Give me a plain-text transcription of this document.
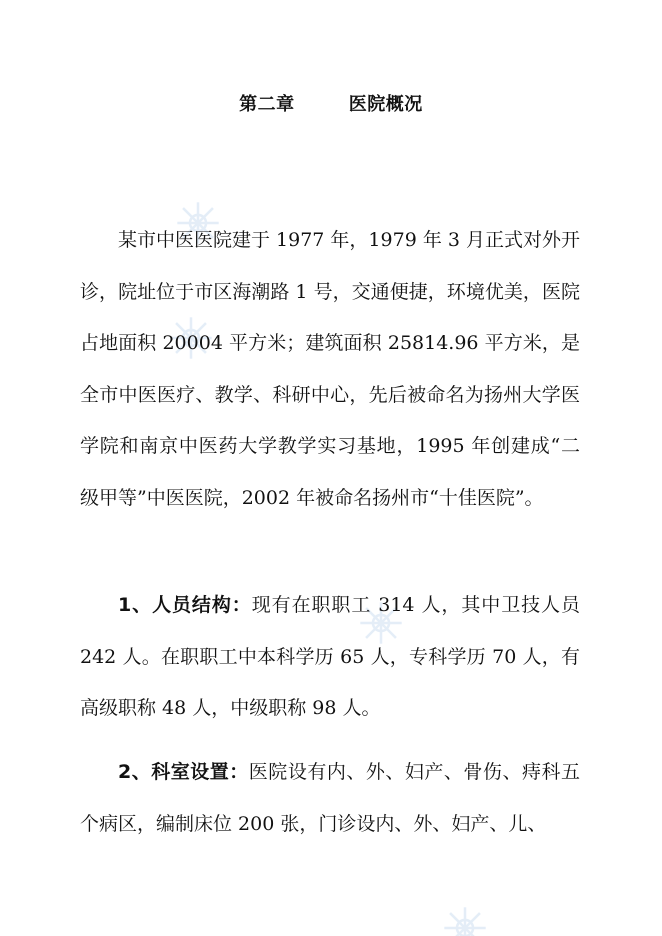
第二章        医院概况

某市中医医院建于 1977 年，1979 年 3 月正式对外开诊，院址位于市区海潮路 1 号，交通便捷，环境优美，医院占地面积 20004 平方米；建筑面积 25814.96 平方米，是全市中医医疗、教学、科研中心，先后被命名为扬州大学医学院和南京中医药大学教学实习基地，1995 年创建成“二级甲等”中医医院，2002 年被命名扬州市“十佳医院”。

1、人员结构：现有在职职工 314 人，其中卫技人员 242 人。在职职工中本科学历 65 人，专科学历 70 人，有高级职称 48 人，中级职称 98 人。

2、科室设置：医院设有内、外、妇产、骨伤、痔科五个病区，编制床位 200 张，门诊设内、外、妇产、儿、
